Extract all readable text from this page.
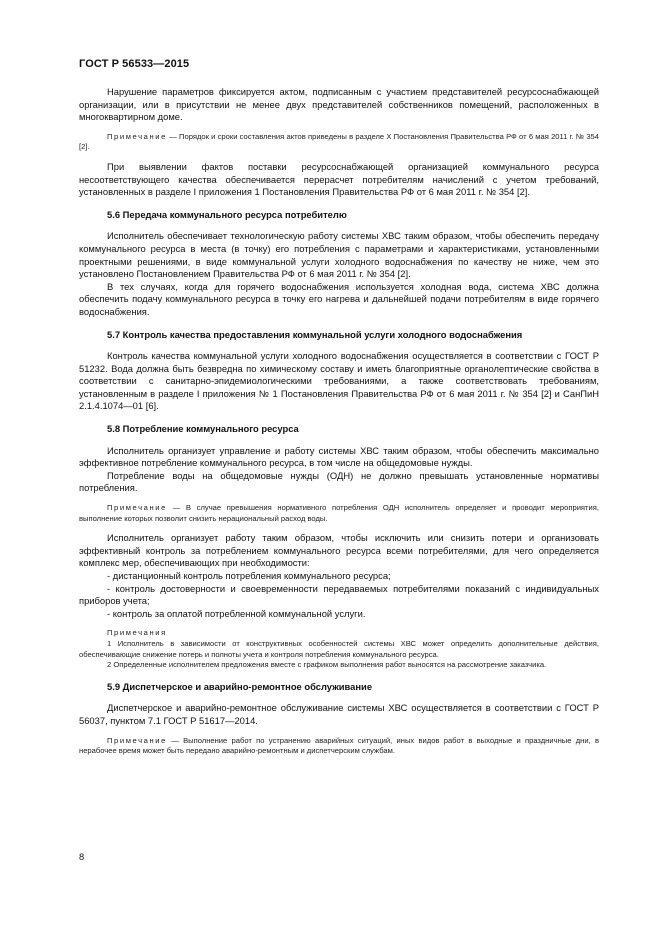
ГОСТ Р 56533—2015

Нарушение параметров фиксируется актом, подписанным с участием представителей ресурсоснабжающей организации, или в присутствии не менее двух представителей собственников помещений, расположенных в многоквартирном доме.

Примечание — Порядок и сроки составления актов приведены в разделе X Постановления Правительства РФ от 6 мая 2011 г. № 354 [2].

При выявлении фактов поставки ресурсоснабжающей организацией коммунального ресурса несоответствующего качества обеспечивается перерасчет потребителям начислений с учетом требований, установленных в разделе I приложения 1 Постановления Правительства РФ от 6 мая 2011 г. № 354 [2].

5.6 Передача коммунального ресурса потребителю

Исполнитель обеспечивает технологическую работу системы ХВС таким образом, чтобы обеспечить передачу коммунального ресурса в места (в точку) его потребления с параметрами и характеристиками, установленными проектными решениями, в виде коммунальной услуги холодного водоснабжения по качеству не ниже, чем это установлено Постановлением Правительства РФ от 6 мая 2011 г. № 354 [2].

В тех случаях, когда для горячего водоснабжения используется холодная вода, система ХВС должна обеспечить подачу коммунального ресурса в точку его нагрева и дальнейшей подачи потребителям в виде горячего водоснабжения.

5.7 Контроль качества предоставления коммунальной услуги холодного водоснабжения

Контроль качества коммунальной услуги холодного водоснабжения осуществляется в соответствии с ГОСТ Р 51232. Вода должна быть безвредна по химическому составу и иметь благоприятные органолептические свойства в соответствии с санитарно-эпидемиологическими требованиями, а также соответствовать требованиям, установленным в разделе I приложения № 1 Постановления Правительства РФ от 6 мая 2011 г. № 354 [2] и СанПиН 2.1.4.1074—01 [6].

5.8 Потребление коммунального ресурса

Исполнитель организует управление и работу системы ХВС таким образом, чтобы обеспечить максимально эффективное потребление коммунального ресурса, в том числе на общедомовые нужды.

Потребление воды на общедомовые нужды (ОДН) не должно превышать установленные нормативы потребления.

Примечание — В случае превышения нормативного потребления ОДН исполнитель определяет и проводит мероприятия, выполнение которых позволит снизить нерациональный расход воды.

Исполнитель организует работу таким образом, чтобы исключить или снизить потери и организовать эффективный контроль за потреблением коммунального ресурса всеми потребителями, для чего определяется комплекс мер, обеспечивающих при необходимости:

- дистанционный контроль потребления коммунального ресурса;

- контроль достоверности и своевременности передаваемых потребителями показаний с индивидуальных приборов учета;

- контроль за оплатой потребленной коммунальной услуги.

Примечания

1 Исполнитель в зависимости от конструктивных особенностей системы ХВС может определить дополнительные действия, обеспечивающие снижение потерь и полноты учета и контроля потребления коммунального ресурса.

2 Определенные исполнителем предложения вместе с графиком выполнения работ выносятся на рассмотрение заказчика.

5.9 Диспетчерское и аварийно-ремонтное обслуживание

Диспетчерское и аварийно-ремонтное обслуживание системы ХВС осуществляется в соответствии с ГОСТ Р 56037, пунктом 7.1 ГОСТ Р 51617—2014.

Примечание — Выполнение работ по устранению аварийных ситуаций, иных видов работ в выходные и праздничные дни, в нерабочее время может быть передано аварийно-ремонтным и диспетчерским службам.

8
